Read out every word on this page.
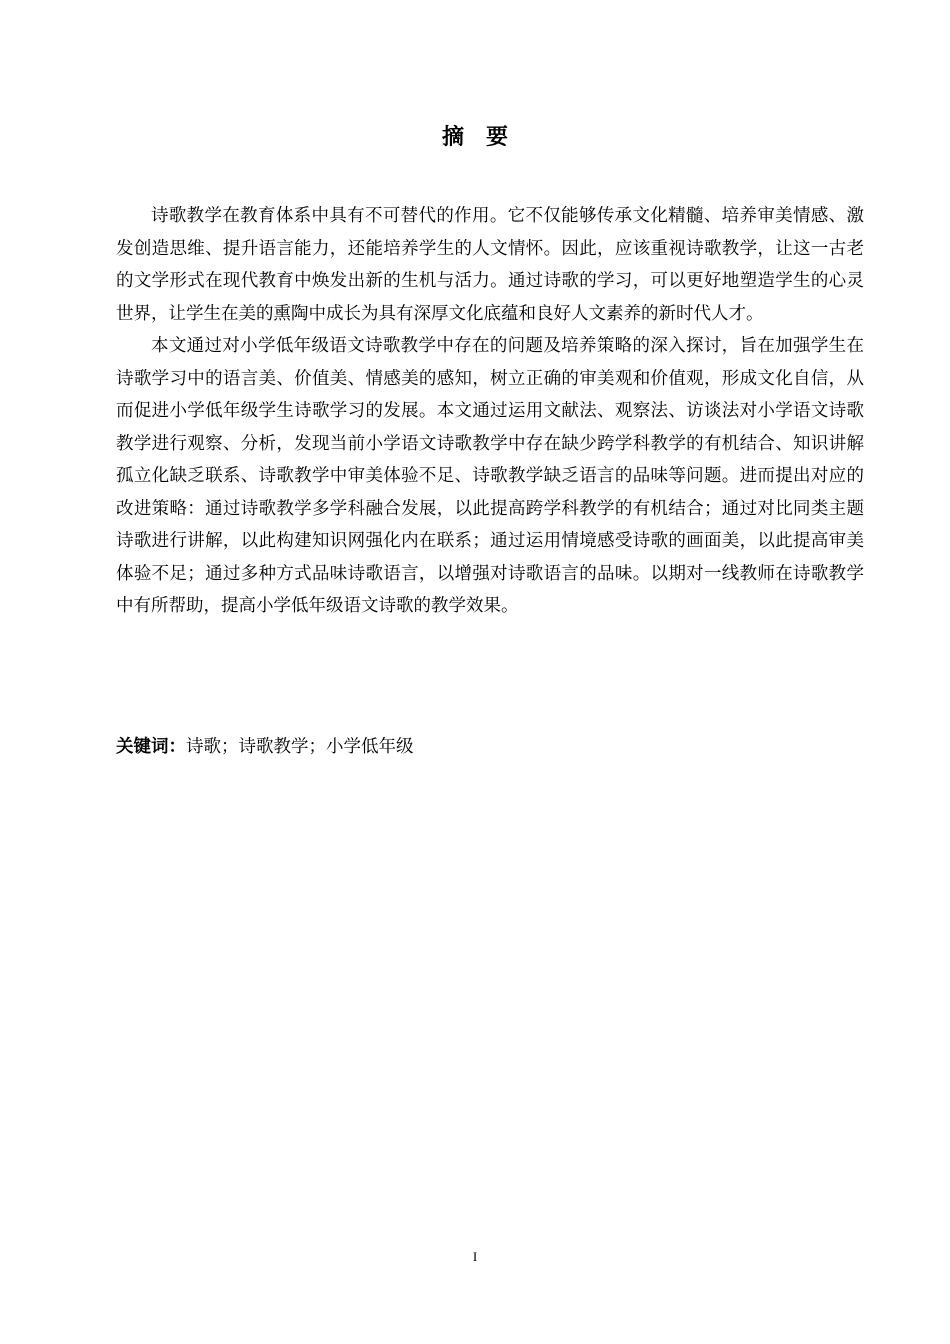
摘要

诗歌教学在教育体系中具有不可替代的作用。它不仅能够传承文化精髓、培养审美情感、激发创造思维、提升语言能力，还能培养学生的人文情怀。因此，应该重视诗歌教学，让这一古老的文学形式在现代教育中焕发出新的生机与活力。通过诗歌的学习，可以更好地塑造学生的心灵世界，让学生在美的熏陶中成长为具有深厚文化底蕴和良好人文素养的新时代人才。

本文通过对小学低年级语文诗歌教学中存在的问题及培养策略的深入探讨，旨在加强学生在诗歌学习中的语言美、价值美、情感美的感知，树立正确的审美观和价值观，形成文化自信，从而促进小学低年级学生诗歌学习的发展。本文通过运用文献法、观察法、访谈法对小学语文诗歌教学进行观察、分析，发现当前小学语文诗歌教学中存在缺少跨学科教学的有机结合、知识讲解孤立化缺乏联系、诗歌教学中审美体验不足、诗歌教学缺乏语言的品味等问题。进而提出对应的改进策略：通过诗歌教学多学科融合发展，以此提高跨学科教学的有机结合；通过对比同类主题诗歌进行讲解，以此构建知识网强化内在联系；通过运用情境感受诗歌的画面美，以此提高审美体验不足；通过多种方式品味诗歌语言，以增强对诗歌语言的品味。以期对一线教师在诗歌教学中有所帮助，提高小学低年级语文诗歌的教学效果。

关键词：诗歌；诗歌教学；小学低年级
I
